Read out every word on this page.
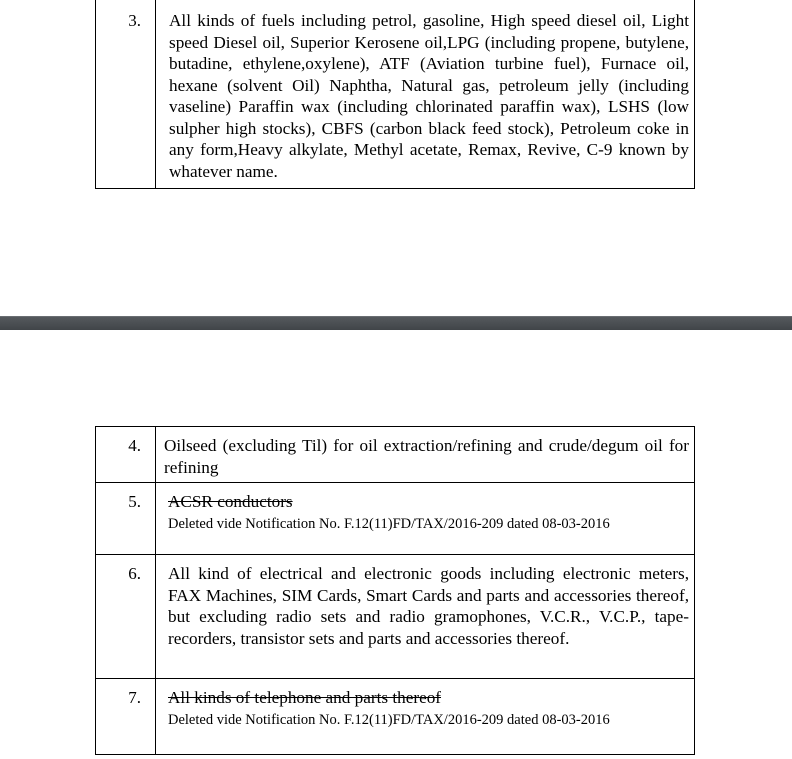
3.	All kinds of fuels including petrol, gasoline, High speed diesel oil, Light speed Diesel oil, Superior Kerosene oil,LPG (including propene, butylene, butadine, ethylene,oxylene), ATF (Aviation turbine fuel), Furnace oil, hexane (solvent Oil) Naphtha, Natural gas, petroleum jelly (including vaseline) Paraffin wax (including chlorinated paraffin wax), LSHS (low sulpher high stocks), CBFS (carbon black feed stock), Petroleum coke in any form,Heavy alkylate, Methyl acetate, Remax, Revive, C-9 known by whatever name.
4.	Oilseed (excluding Til) for oil extraction/refining and crude/degum oil for refining
5.	ACSR conductors
Deleted vide Notification No. F.12(11)FD/TAX/2016-209 dated 08-03-2016

6.	All kind of electrical and electronic goods including electronic meters, FAX Machines, SIM Cards, Smart Cards and parts and accessories thereof, but excluding radio sets and radio gramophones, V.C.R., V.C.P., tape- recorders, transistor sets and parts and accessories thereof.

7.	All kinds of telephone and parts thereof
Deleted vide Notification No. F.12(11)FD/TAX/2016-209 dated 08-03-2016
